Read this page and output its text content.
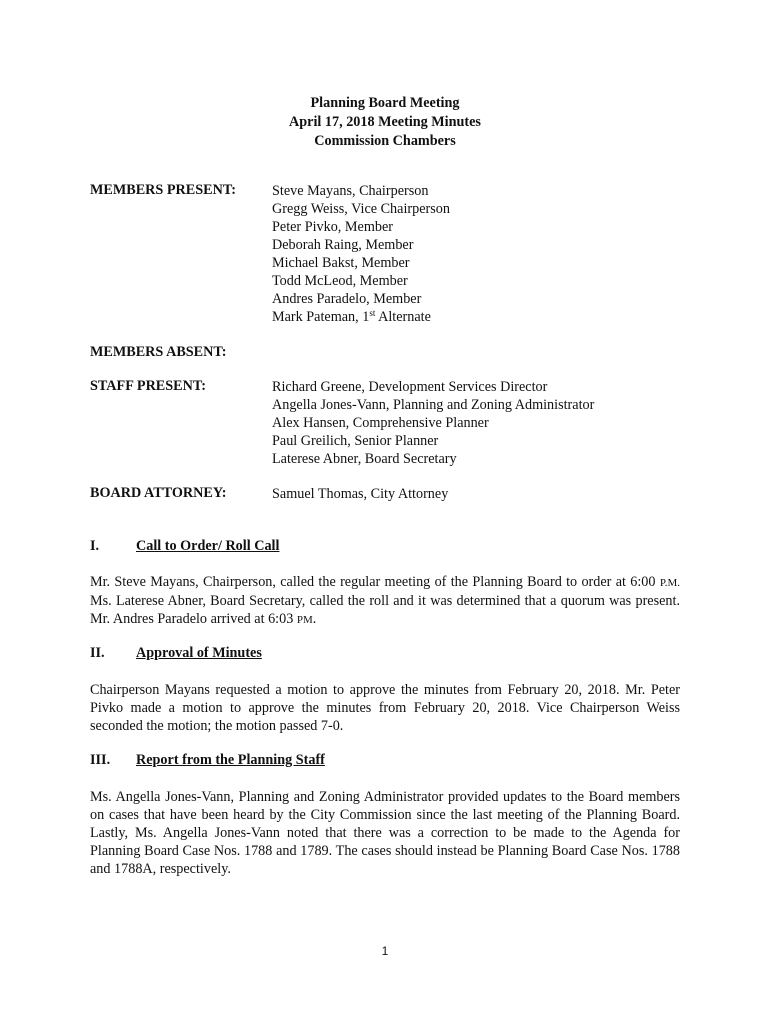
Planning Board Meeting
April 17, 2018 Meeting Minutes
Commission Chambers
MEMBERS PRESENT:	Steve Mayans, Chairperson
Gregg Weiss, Vice Chairperson
Peter Pivko, Member
Deborah Raing, Member
Michael Bakst, Member
Todd McLeod, Member
Andres Paradelo, Member
Mark Pateman, 1st Alternate
MEMBERS ABSENT:
STAFF PRESENT:	Richard Greene, Development Services Director
Angella Jones-Vann, Planning and Zoning Administrator
Alex Hansen, Comprehensive Planner
Paul Greilich, Senior Planner
Laterese Abner, Board Secretary
BOARD ATTORNEY:	Samuel Thomas, City Attorney
I.	Call to Order/ Roll Call
Mr. Steve Mayans, Chairperson, called the regular meeting of the Planning Board to order at 6:00 P.M. Ms. Laterese Abner, Board Secretary, called the roll and it was determined that a quorum was present. Mr. Andres Paradelo arrived at 6:03 PM.
II. Approval of Minutes
Chairperson Mayans requested a motion to approve the minutes from February 20, 2018. Mr. Peter Pivko made a motion to approve the minutes from February 20, 2018. Vice Chairperson Weiss seconded the motion; the motion passed 7-0.
III. Report from the Planning Staff
Ms. Angella Jones-Vann, Planning and Zoning Administrator provided updates to the Board members on cases that have been heard by the City Commission since the last meeting of the Planning Board. Lastly, Ms. Angella Jones-Vann noted that there was a correction to be made to the Agenda for Planning Board Case Nos. 1788 and 1789. The cases should instead be Planning Board Case Nos. 1788 and 1788A, respectively.
1
